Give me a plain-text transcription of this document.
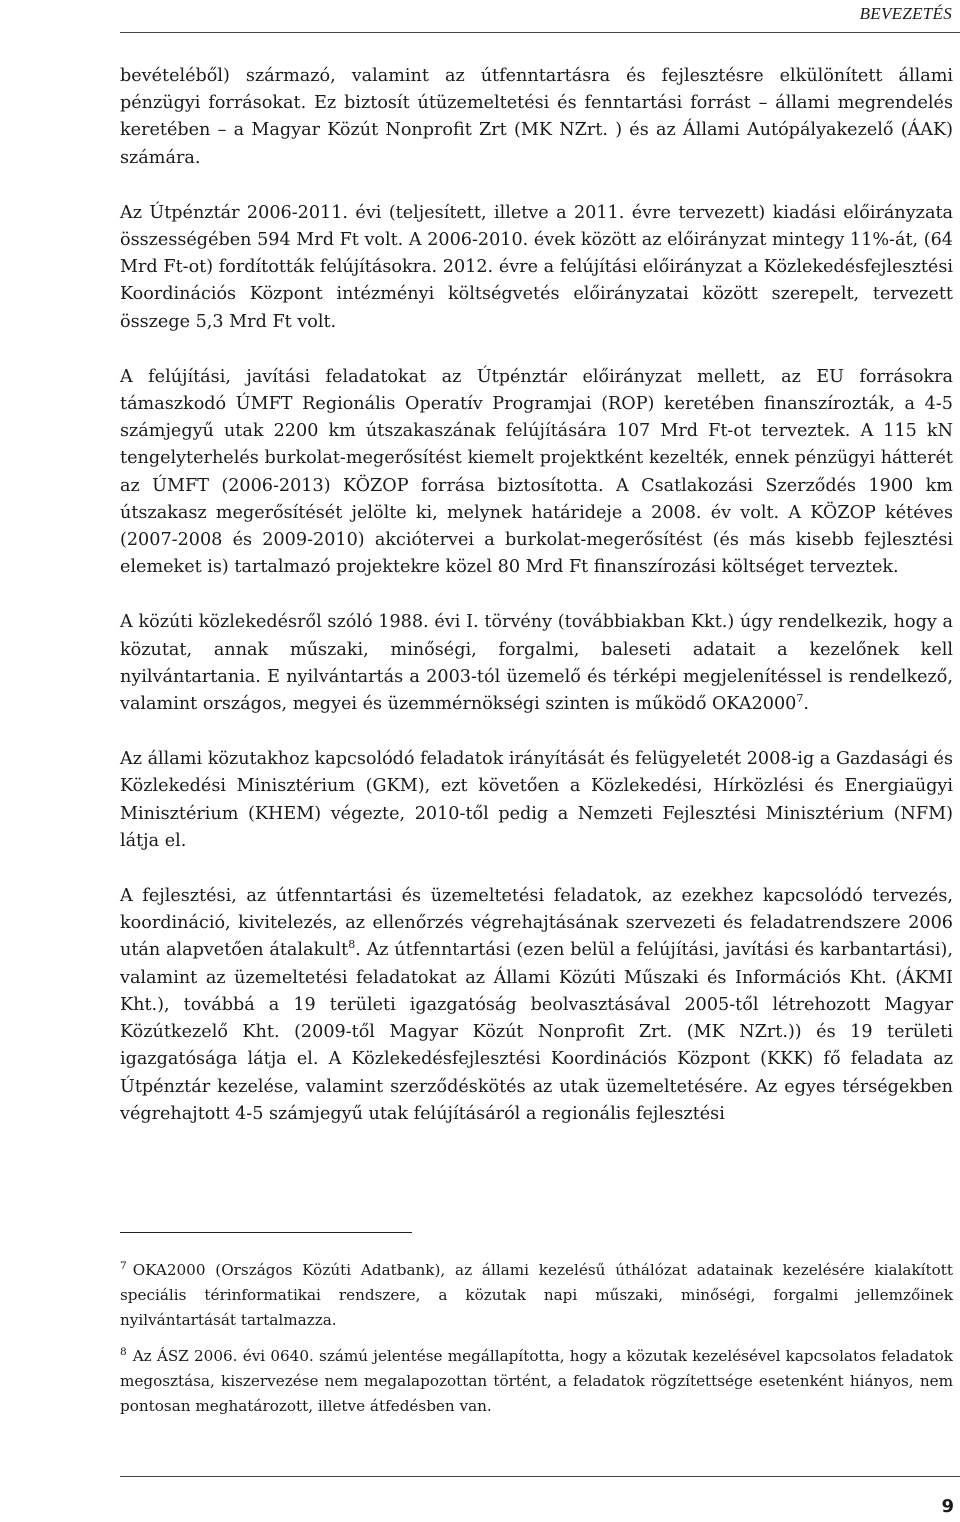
BEVEZETÉS

bevételéből) származó, valamint az útfenntartásra és fejlesztésre elkülönített állami pénzügyi forrásokat. Ez biztosít útüzemeltetési és fenntartási forrást – állami megrendelés keretében – a Magyar Közút Nonprofit Zrt (MK NZrt. ) és az Állami Autópályakezelő (ÁAK) számára.

Az Útpénztár 2006-2011. évi (teljesített, illetve a 2011. évre tervezett) kiadási előirányzata összességében 594 Mrd Ft volt. A 2006-2010. évek között az előirányzat mintegy 11%-át, (64 Mrd Ft-ot) fordították felújításokra. 2012. évre a felújítási előirányzat a Közlekedésfejlesztési Koordinációs Központ intézményi költségvetés előirányzatai között szerepelt, tervezett összege 5,3 Mrd Ft volt.

A felújítási, javítási feladatokat az Útpénztár előirányzat mellett, az EU forrásokra támaszkodó ÚMFT Regionális Operatív Programjai (ROP) keretében finanszírozták, a 4-5 számjegyű utak 2200 km útszakaszának felújítására 107 Mrd Ft-ot terveztek. A 115 kN tengelyterhelés burkolat-megerősítést kiemelt projektként kezelték, ennek pénzügyi hátterét az ÚMFT (2006-2013) KÖZOP forrása biztosította. A Csatlakozási Szerződés 1900 km útszakasz megerősítését jelölte ki, melynek határideje a 2008. év volt. A KÖZOP kétéves (2007-2008 és 2009-2010) akciótervei a burkolat-megerősítést (és más kisebb fejlesztési elemeket is) tartalmazó projektekre közel 80 Mrd Ft finanszírozási költséget terveztek.

A közúti közlekedésről szóló 1988. évi I. törvény (továbbiakban Kkt.) úgy rendelkezik, hogy a közutat, annak műszaki, minőségi, forgalmi, baleseti adatait a kezelőnek kell nyilvántartania. E nyilvántartás a 2003-tól üzemelő és térképi megjelenítéssel is rendelkező, valamint országos, megyei és üzemmérnökségi szinten is működő OKA2000$^7$.

Az állami közutakhoz kapcsolódó feladatok irányítását és felügyeletét 2008-ig a Gazdasági és Közlekedési Minisztérium (GKM), ezt követően a Közlekedési, Hírközlési és Energiaügyi Minisztérium (KHEM) végezte, 2010-től pedig a Nemzeti Fejlesztési Minisztérium (NFM) látja el.

A fejlesztési, az útfenntartási és üzemeltetési feladatok, az ezekhez kapcsolódó tervezés, koordináció, kivitelezés, az ellenőrzés végrehajtásának szervezeti és feladatrendszere 2006 után alapvetően átalakult$^8$. Az útfenntartási (ezen belül a felújítási, javítási és karbantartási), valamint az üzemeltetési feladatokat az Állami Közúti Műszaki és Információs Kht. (ÁKMI Kht.), továbbá a 19 területi igazgatóság beolvasztásával 2005-től létrehozott Magyar Közútkezelő Kht. (2009-től Magyar Közút Nonprofit Zrt. (MK NZrt.)) és 19 területi igazgatósága látja el. A Közlekedésfejlesztési Koordinációs Központ (KKK) fő feladata az Útpénztár kezelése, valamint szerződéskötés az utak üzemeltetésére. Az egyes térségekben végrehajtott 4-5 számjegyű utak felújításáról a regionális fejlesztési

$^7$ OKA2000 (Országos Közúti Adatbank), az állami kezelésű úthálózat adatainak kezelésére kialakított speciális térinformatikai rendszere, a közutak napi műszaki, minőségi, forgalmi jellemzőinek nyilvántartását tartalmazza.

$^8$ Az ÁSZ 2006. évi 0640. számú jelentése megállapította, hogy a közutak kezelésével kapcsolatos feladatok megosztása, kiszervezése nem megalapozottan történt, a feladatok rögzítettsége esetenként hiányos, nem pontosan meghatározott, illetve átfedésben van.

9
